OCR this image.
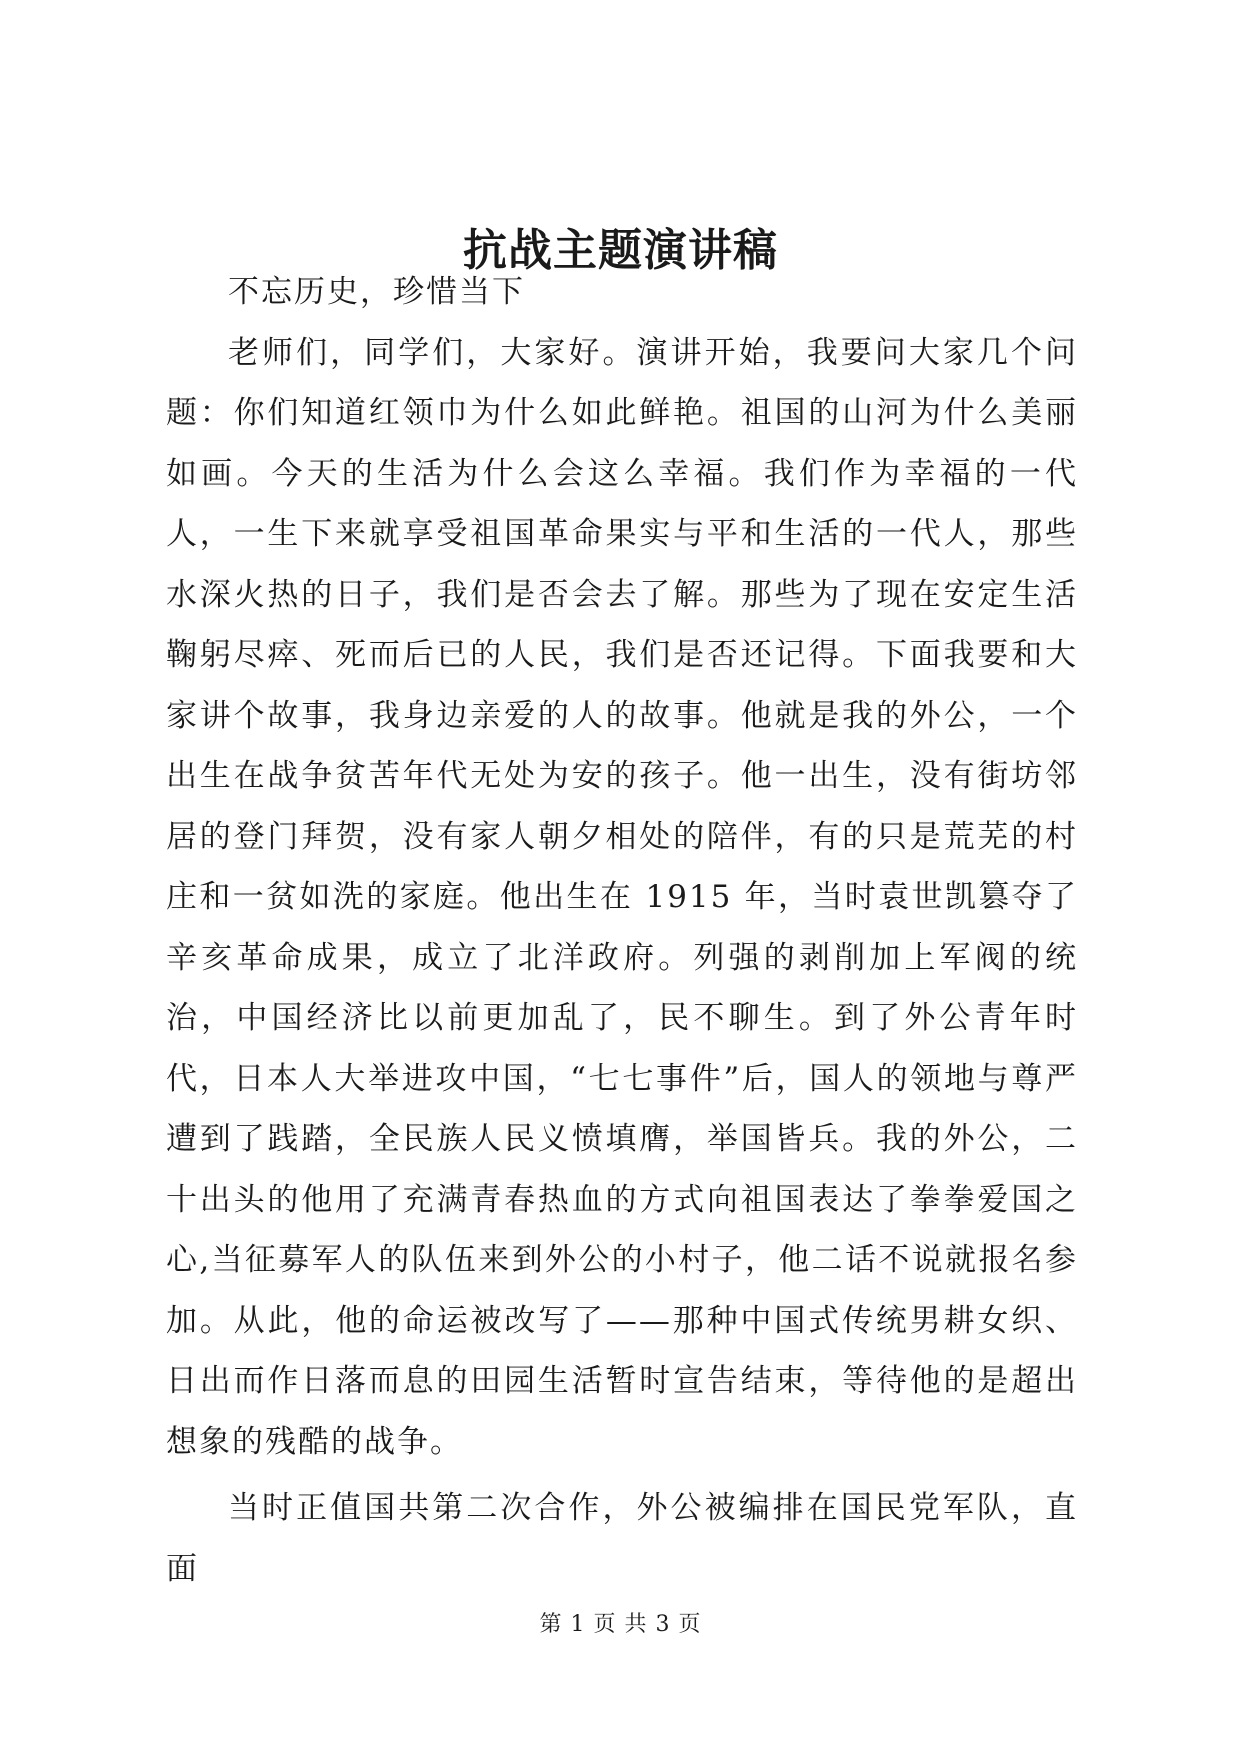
抗战主题演讲稿

不忘历史，珍惜当下

老师们，同学们，大家好。演讲开始，我要问大家几个问题：你们知道红领巾为什么如此鲜艳。祖国的山河为什么美丽如画。今天的生活为什么会这么幸福。我们作为幸福的一代人，一生下来就享受祖国革命果实与平和生活的一代人，那些水深火热的日子，我们是否会去了解。那些为了现在安定生活鞠躬尽瘁、死而后已的人民，我们是否还记得。下面我要和大家讲个故事，我身边亲爱的人的故事。他就是我的外公，一个出生在战争贫苦年代无处为安的孩子。他一出生，没有街坊邻居的登门拜贺，没有家人朝夕相处的陪伴，有的只是荒芜的村庄和一贫如洗的家庭。他出生在 1915 年，当时袁世凯篡夺了辛亥革命成果，成立了北洋政府。列强的剥削加上军阀的统治，中国经济比以前更加乱了，民不聊生。到了外公青年时代，日本人大举进攻中国，“七七事件”后，国人的领地与尊严遭到了践踏，全民族人民义愤填膺，举国皆兵。我的外公，二十出头的他用了充满青春热血的方式向祖国表达了拳拳爱国之心,当征募军人的队伍来到外公的小村子，他二话不说就报名参加。从此，他的命运被改写了——那种中国式传统男耕女织、日出而作日落而息的田园生活暂时宣告结束，等待他的是超出想象的残酷的战争。

当时正值国共第二次合作，外公被编排在国民党军队，直面

第 1 页 共 3 页
